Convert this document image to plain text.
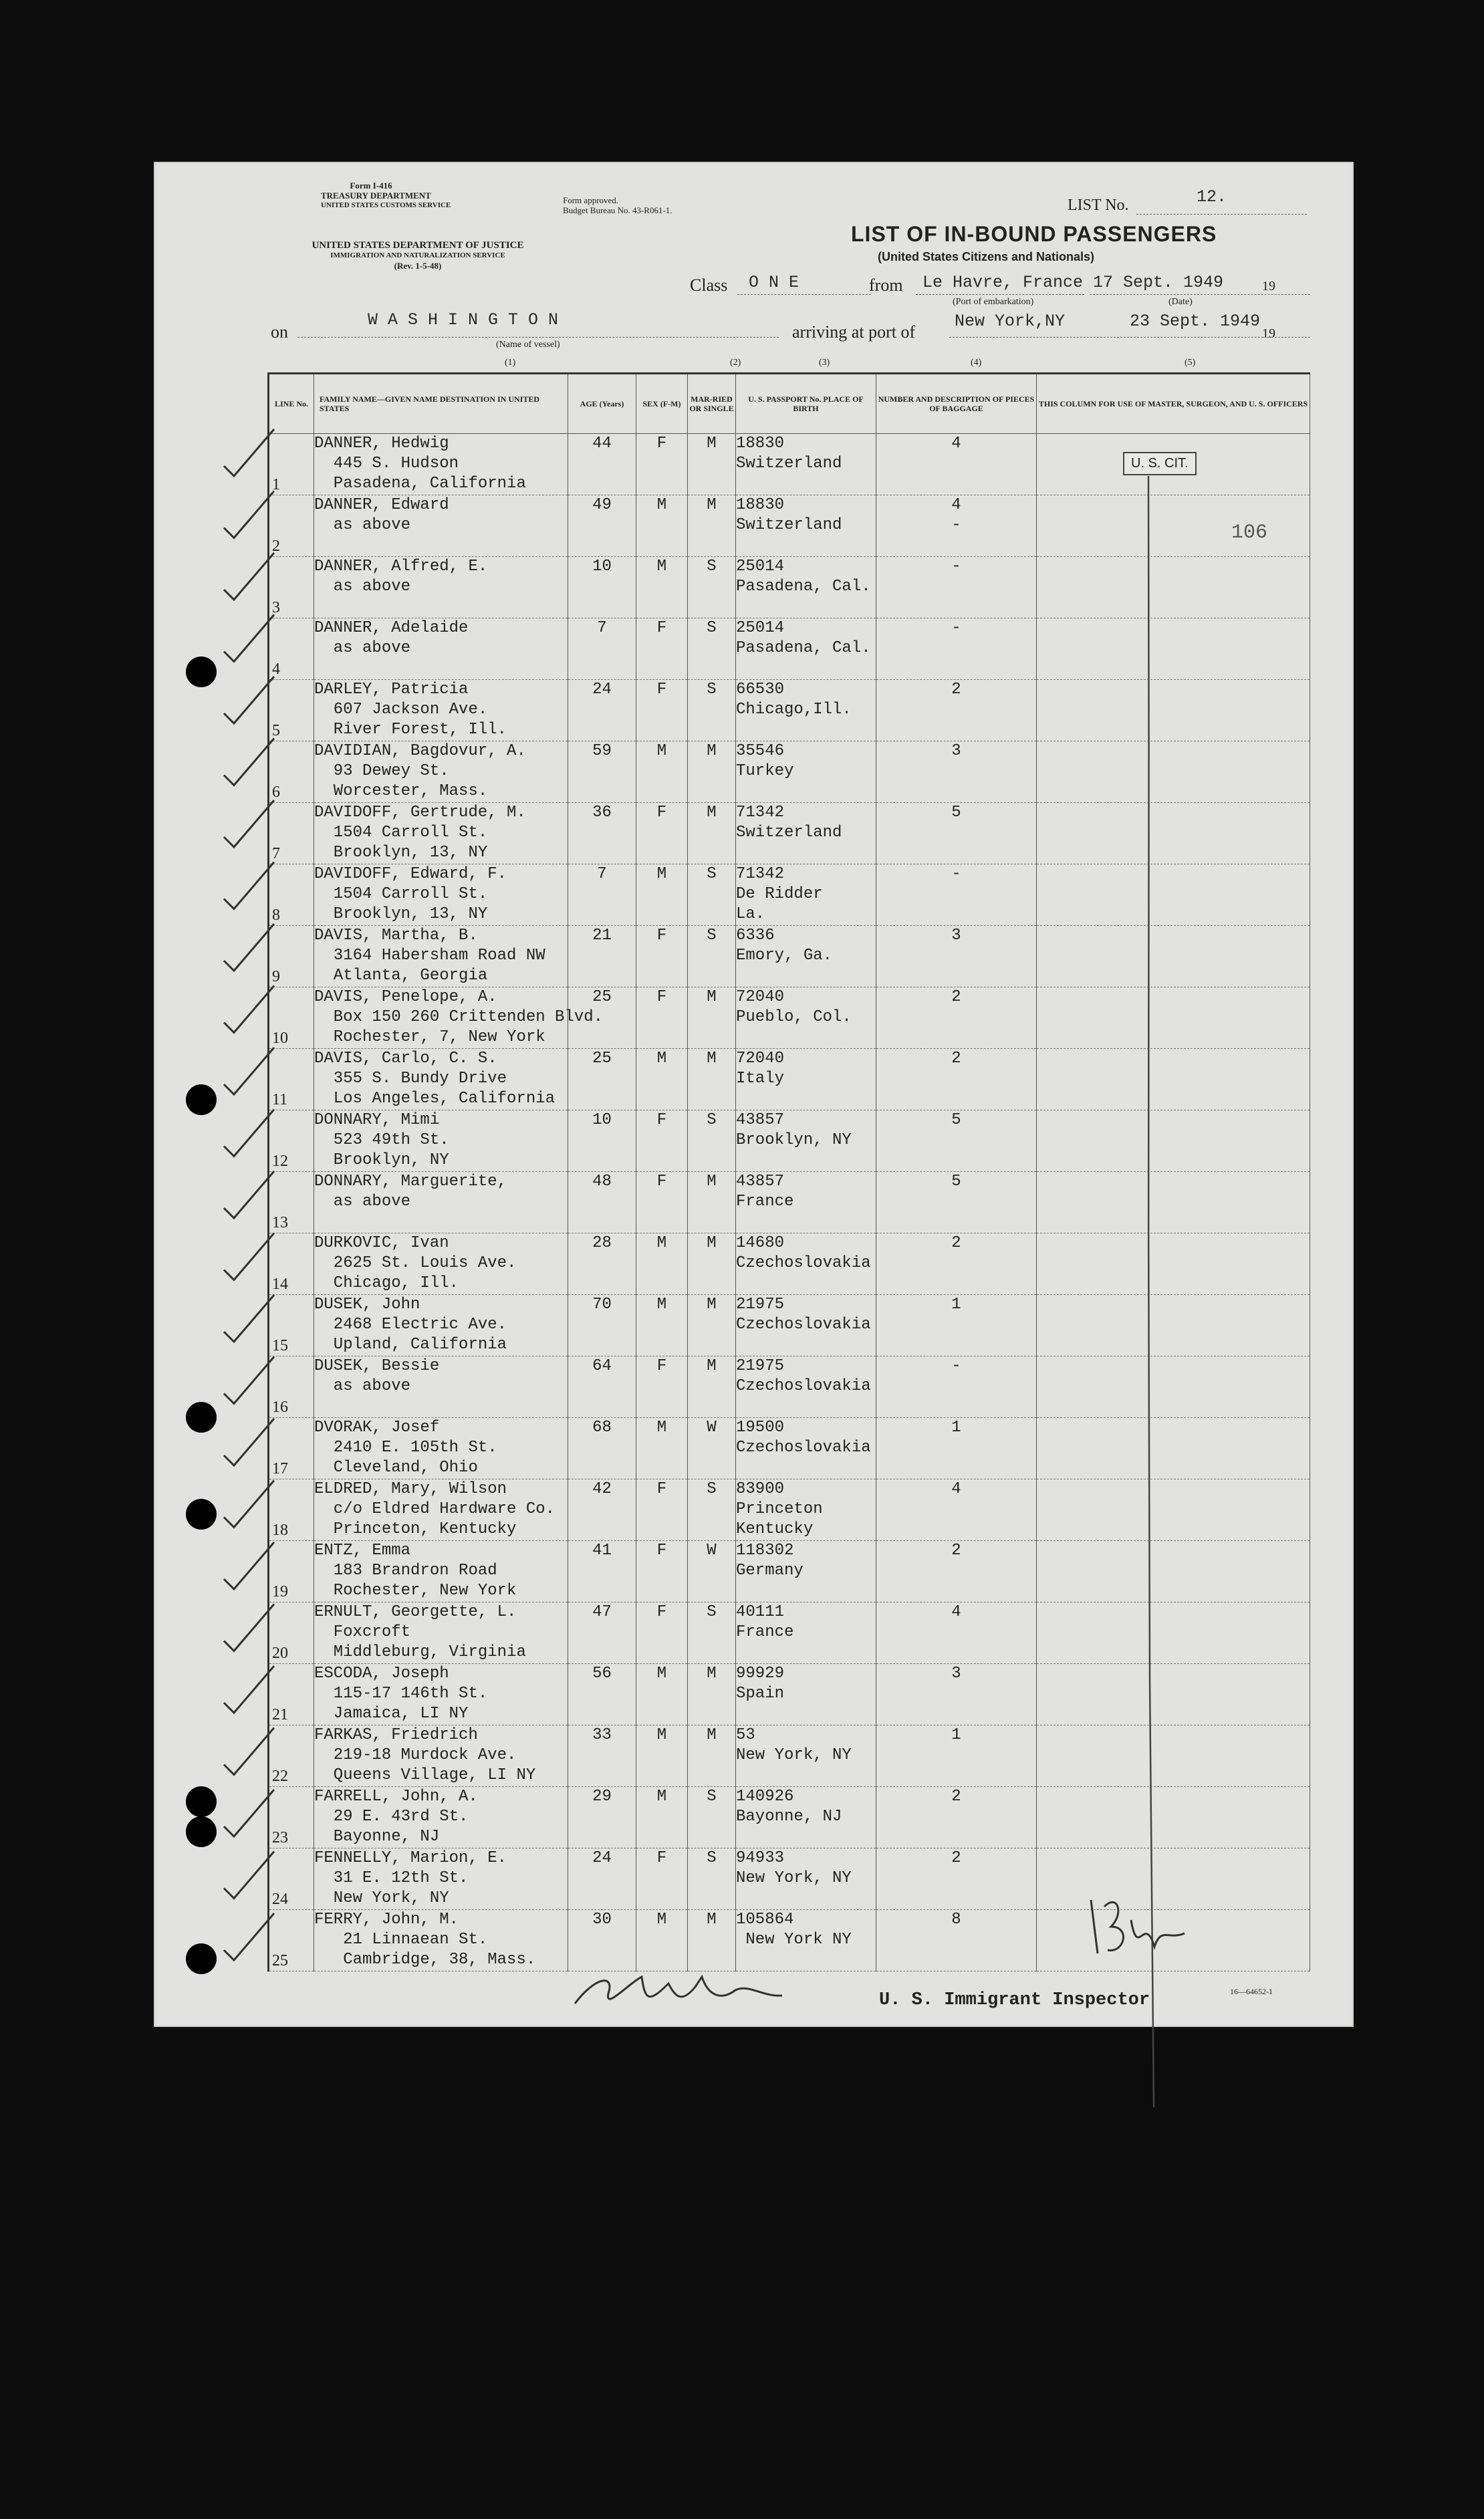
Form I-416
TREASURY DEPARTMENT
UNITED STATES CUSTOMS SERVICE	Form approved.
Budget Bureau No. 43-R061-1.
UNITED STATES DEPARTMENT OF JUSTICE
IMMIGRATION AND NATURALIZATION SERVICE
(Rev. 1-5-48)
LIST No.	12.
LIST OF IN-BOUND PASSENGERS
(United States Citizens and Nationals)
Class O N E	from Le Havre, France 17 Sept. 1949	19
(Port of embarkation)	(Date)
on
W A S H I N G T O N
(Name of vessel)
arriving at port of
New York,NY	23 Sept. 1949
19
(1)	(2)	(3)	(4)	(5)
LINE No.	FAMILY NAME—GIVEN NAME DESTINATION IN UNITED STATES	AGE (Years)	SEX (F-M)	MAR-RIED OR SINGLE	U. S. PASSPORT No. PLACE OF BIRTH	NUMBER AND DESCRIPTION OF PIECES OF BAGGAGE	THIS COLUMN FOR USE OF MASTER, SURGEON, AND U. S. OFFICERS
1	DANNER, Hedwig
445 S. Hudson
Pasadena, California	44	F	M	18830
Switzerland	4	
2	DANNER, Edward
as above	49	M	M	18830
Switzerland	4
-	
3	DANNER, Alfred, E.
as above	10	M	S	25014
Pasadena, Cal.	-	
4	DANNER, Adelaide
as above	7	F	S	25014
Pasadena, Cal.	-	
5	DARLEY, Patricia
607 Jackson Ave.
River Forest, Ill.	24	F	S	66530
Chicago,Ill.	2	
6	DAVIDIAN, Bagdovur, A.
93 Dewey St.
Worcester, Mass.	59	M	M	35546
Turkey	3	
7	DAVIDOFF, Gertrude, M.
1504 Carroll St.
Brooklyn, 13, NY	36	F	M	71342
Switzerland	5	
8	DAVIDOFF, Edward, F.
1504 Carroll St.
Brooklyn, 13, NY	7	M	S	71342
De Ridder
La.	-	
9	DAVIS, Martha, B.
3164 Habersham Road NW
Atlanta, Georgia	21	F	S	6336
Emory, Ga.	3	
10	DAVIS, Penelope, A.
Box 150 260 Crittenden Blvd.
Rochester, 7, New York	25	F	M	72040
Pueblo, Col.	2	
11	DAVIS, Carlo, C. S.
355 S. Bundy Drive
Los Angeles, California	25	M	M	72040
Italy	2	
12	DONNARY, Mimi
523 49th St.
Brooklyn, NY	10	F	S	43857
Brooklyn, NY	5	
13	DONNARY, Marguerite,
as above	48	F	M	43857
France	5	
14	DURKOVIC, Ivan
2625 St. Louis Ave.
Chicago, Ill.	28	M	M	14680
Czechoslovakia	2	
15	DUSEK, John
2468 Electric Ave.
Upland, California	70	M	M	21975
Czechoslovakia	1	
16	DUSEK, Bessie
as above	64	F	M	21975
Czechoslovakia	-	
17	DVORAK, Josef
2410 E. 105th St.
Cleveland, Ohio	68	M	W	19500
Czechoslovakia	1	
18	ELDRED, Mary, Wilson
c/o Eldred Hardware Co.
Princeton, Kentucky	42	F	S	83900
Princeton
Kentucky	4	
19	ENTZ, Emma
183 Brandron Road
Rochester, New York	41	F	W	118302
Germany	2	
20	ERNULT, Georgette, L.
Foxcroft
Middleburg, Virginia	47	F	S	40111
France	4	
21	ESCODA, Joseph
115-17 146th St.
Jamaica, LI NY	56	M	M	99929
Spain	3	
22	FARKAS, Friedrich
219-18 Murdock Ave.
Queens Village, LI NY	33	M	M	53
New York, NY	1	
23	FARRELL, John, A.
29 E. 43rd St.
Bayonne, NJ	29	M	S	140926
Bayonne, NJ	2	
24	FENNELLY, Marion, E.
31 E. 12th St.
New York, NY	24	F	S	94933
New York, NY	2	
25	FERRY, John, M.
21 Linnaean St.
Cambridge, 38, Mass.	30	M	M	105864
New York NY	8	
U. S. CIT.
106
16—64652-1
U. S. Immigrant Inspector
